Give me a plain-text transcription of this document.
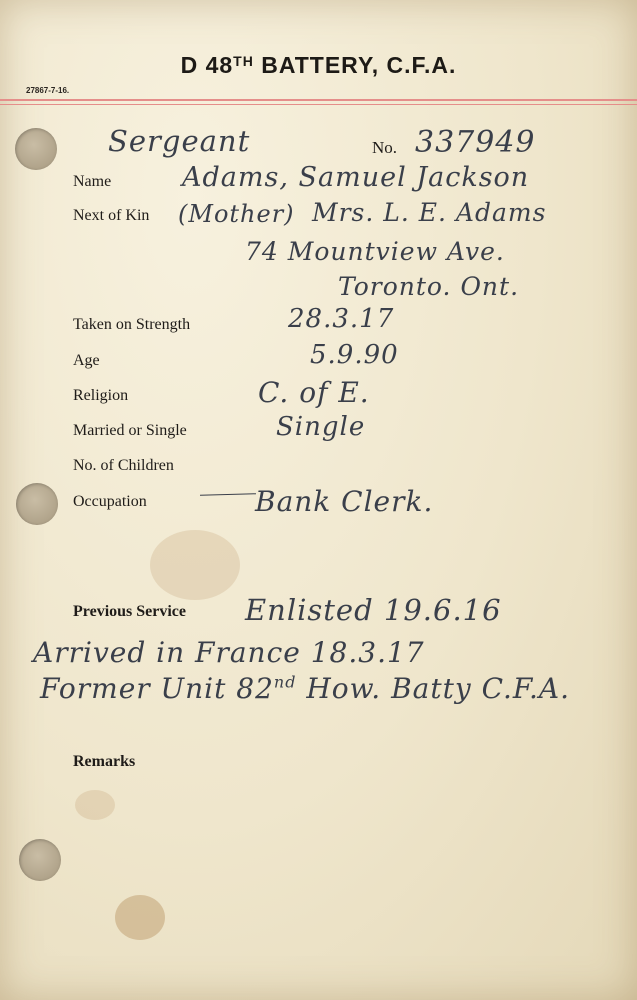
D 48TH BATTERY, C.F.A.
27867-7-16.
Sergeant	No. 337949
Name	Adams, Samuel Jackson
Next of Kin (Mother) Mrs. L. E. Adams
74 Mountview Ave.
Toronto. Ont.
Taken on Strength	28.3.17
Age	5.9.90
Religion	C. of E.
Married or Single	Single
No. of Children
Occupation	Bank Clerk.
Previous Service Enlisted 19.6.16
Arrived in France 18.3.17
Former Unit 82nd How. Batty C.F.A.
Remarks
